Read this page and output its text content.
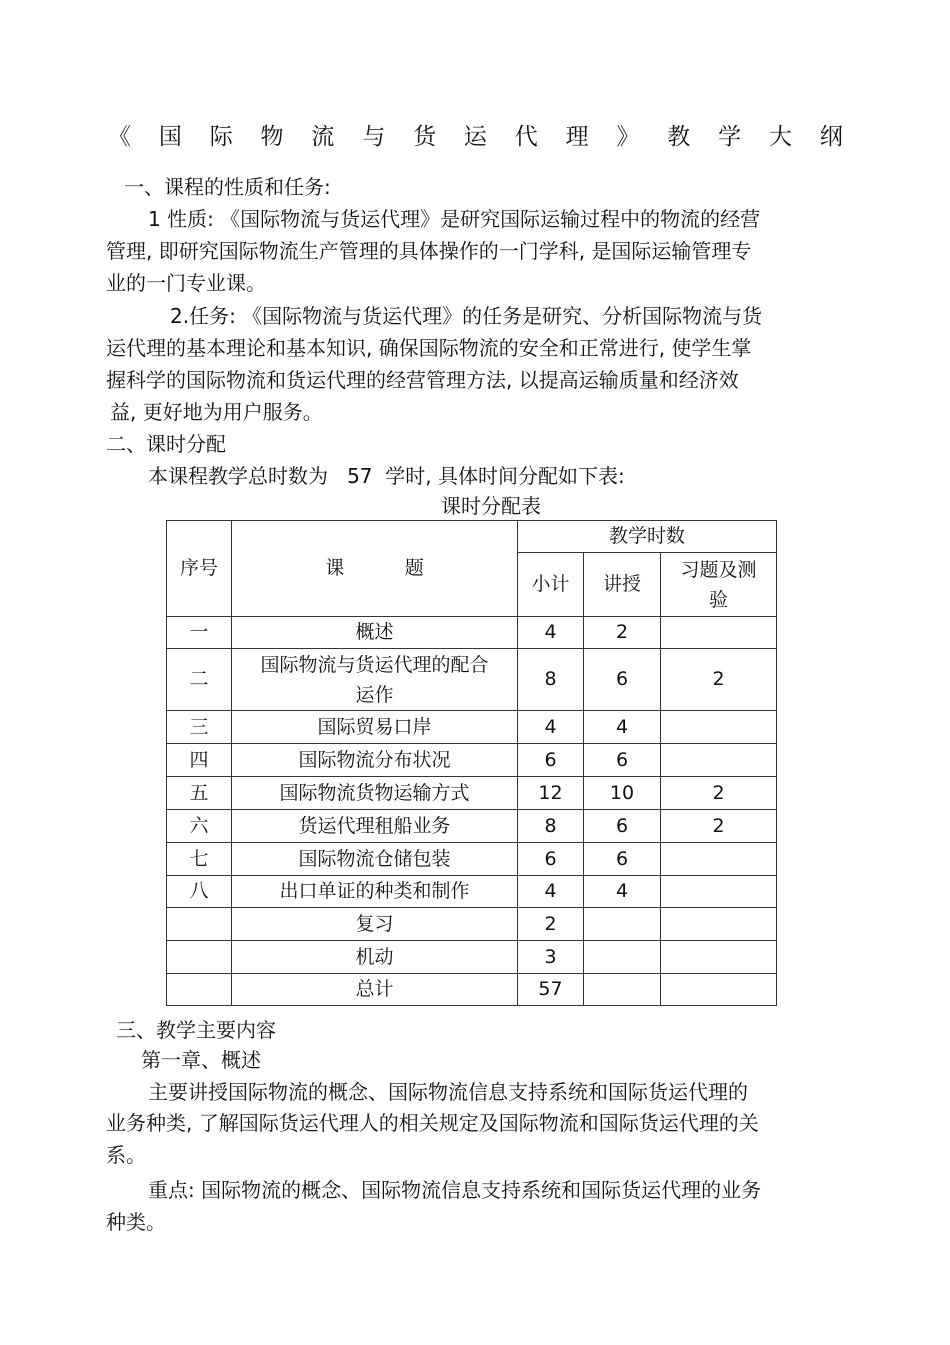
《 国 际 物 流 与 货 运 代 理 》 教 学 大 纲
一、课程的性质和任务:
1 性质: 《国际物流与货运代理》是研究国际运输过程中的物流的经营
管理, 即研究国际物流生产管理的具体操作的一门学科, 是国际运输管理专
业的一门专业课。
2.任务: 《国际物流与货运代理》的任务是研究、分析国际物流与货
运代理的基本理论和基本知识, 确保国际物流的安全和正常进行, 使学生掌
握科学的国际物流和货运代理的经营管理方法, 以提高运输质量和经济效
益, 更好地为用户服务。
二、课时分配
本课程教学总时数为   57  学时, 具体时间分配如下表:
课时分配表
序号	课          题	教学时数		
		小计	讲授	习题及测
验

一	概述	4	2	
二	国际物流与货运代理的配合
运作	8	6	2
三	国际贸易口岸	4	4	
四	国际物流分布状况	6	6	
五	国际物流货物运输方式	12	10	2
六	货运代理租船业务	8	6	2
七	国际物流仓储包装	6	6	
八	出口单证的种类和制作	4	4	
	复习	2		
	机动	3		
	总计	57		
三、教学主要内容
第一章、概述
主要讲授国际物流的概念、国际物流信息支持系统和国际货运代理的
业务种类, 了解国际货运代理人的相关规定及国际物流和国际货运代理的关
系。
重点: 国际物流的概念、国际物流信息支持系统和国际货运代理的业务
种类。
